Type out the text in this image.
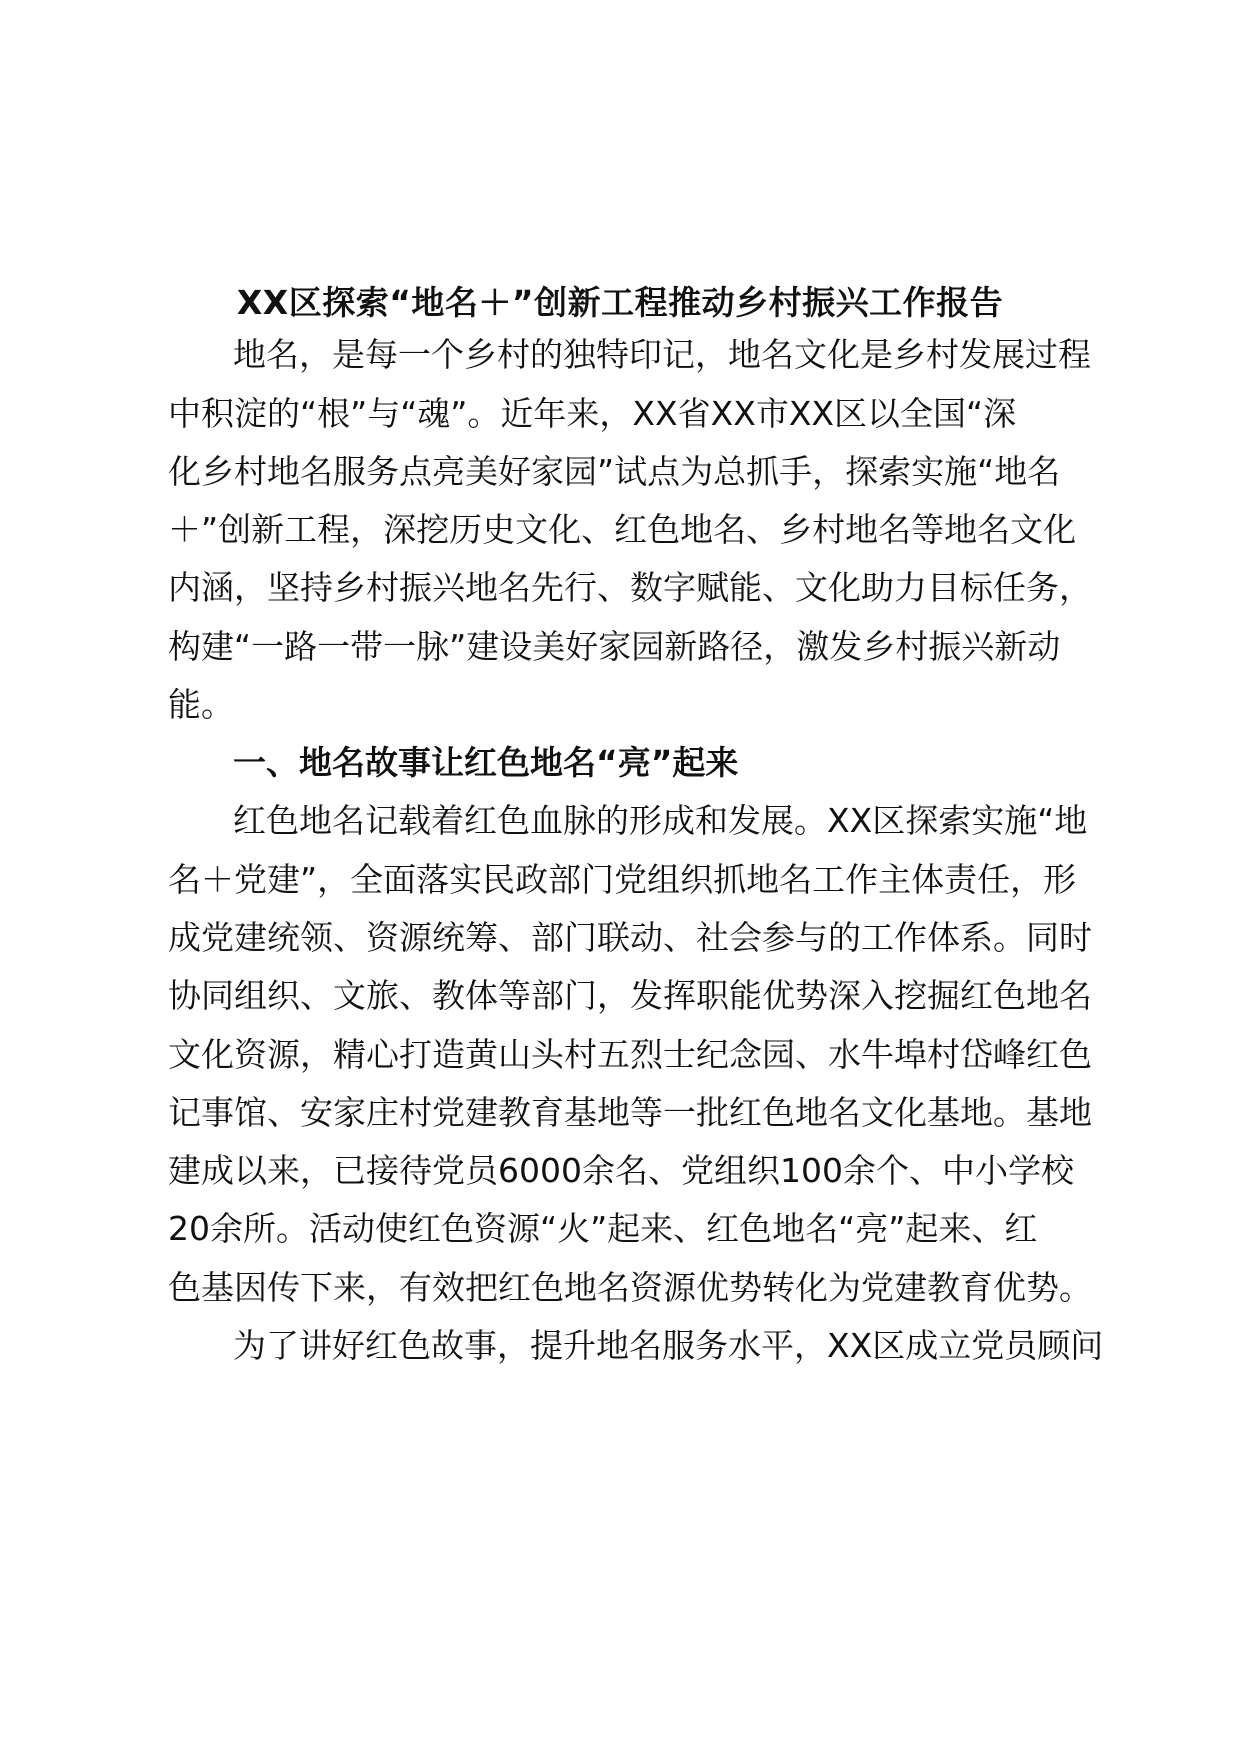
XX区探索“地名＋”创新工程推动乡村振兴工作报告
地名，是每一个乡村的独特印记，地名文化是乡村发展过程
中积淀的“根”与“魂”。近年来，XX省XX市XX区以全国“深
化乡村地名服务点亮美好家园”试点为总抓手，探索实施“地名
＋”创新工程，深挖历史文化、红色地名、乡村地名等地名文化
内涵，坚持乡村振兴地名先行、数字赋能、文化助力目标任务，
构建“一路一带一脉”建设美好家园新路径，激发乡村振兴新动
能。
一、地名故事让红色地名“亮”起来
红色地名记载着红色血脉的形成和发展。XX区探索实施“地
名＋党建”，全面落实民政部门党组织抓地名工作主体责任，形
成党建统领、资源统筹、部门联动、社会参与的工作体系。同时
协同组织、文旅、教体等部门，发挥职能优势深入挖掘红色地名
文化资源，精心打造黄山头村五烈士纪念园、水牛埠村岱峰红色
记事馆、安家庄村党建教育基地等一批红色地名文化基地。基地
建成以来，已接待党员6000余名、党组织100余个、中小学校
20余所。活动使红色资源“火”起来、红色地名“亮”起来、红
色基因传下来，有效把红色地名资源优势转化为党建教育优势。
为了讲好红色故事，提升地名服务水平，XX区成立党员顾问
